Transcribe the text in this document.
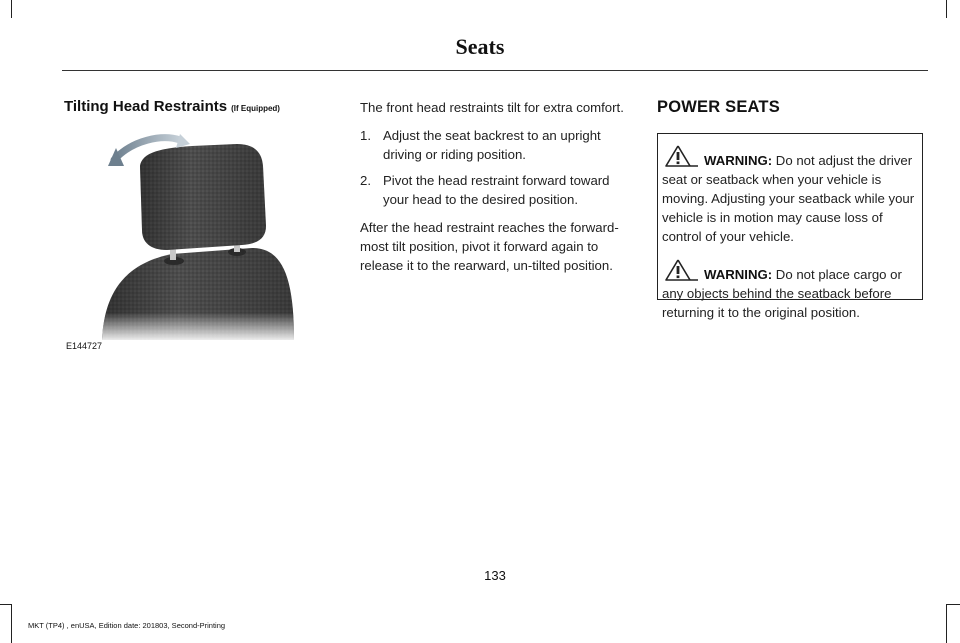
Seats
Tilting Head Restraints (If Equipped)
E144727

The front head restraints tilt for extra comfort.

1. Adjust the seat backrest to an upright driving or riding position.
2. Pivot the head restraint forward toward your head to the desired position.

After the head restraint reaches the forward-most tilt position, pivot it forward again to release it to the rearward, un-tilted position.

POWER SEATS

WARNING: Do not adjust the driver seat or seatback when your vehicle is moving. Adjusting your seatback while your vehicle is in motion may cause loss of control of your vehicle.

WARNING: Do not place cargo or any objects behind the seatback before returning it to the original position.

133
MKT (TP4) , enUSA, Edition date: 201803, Second-Printing
